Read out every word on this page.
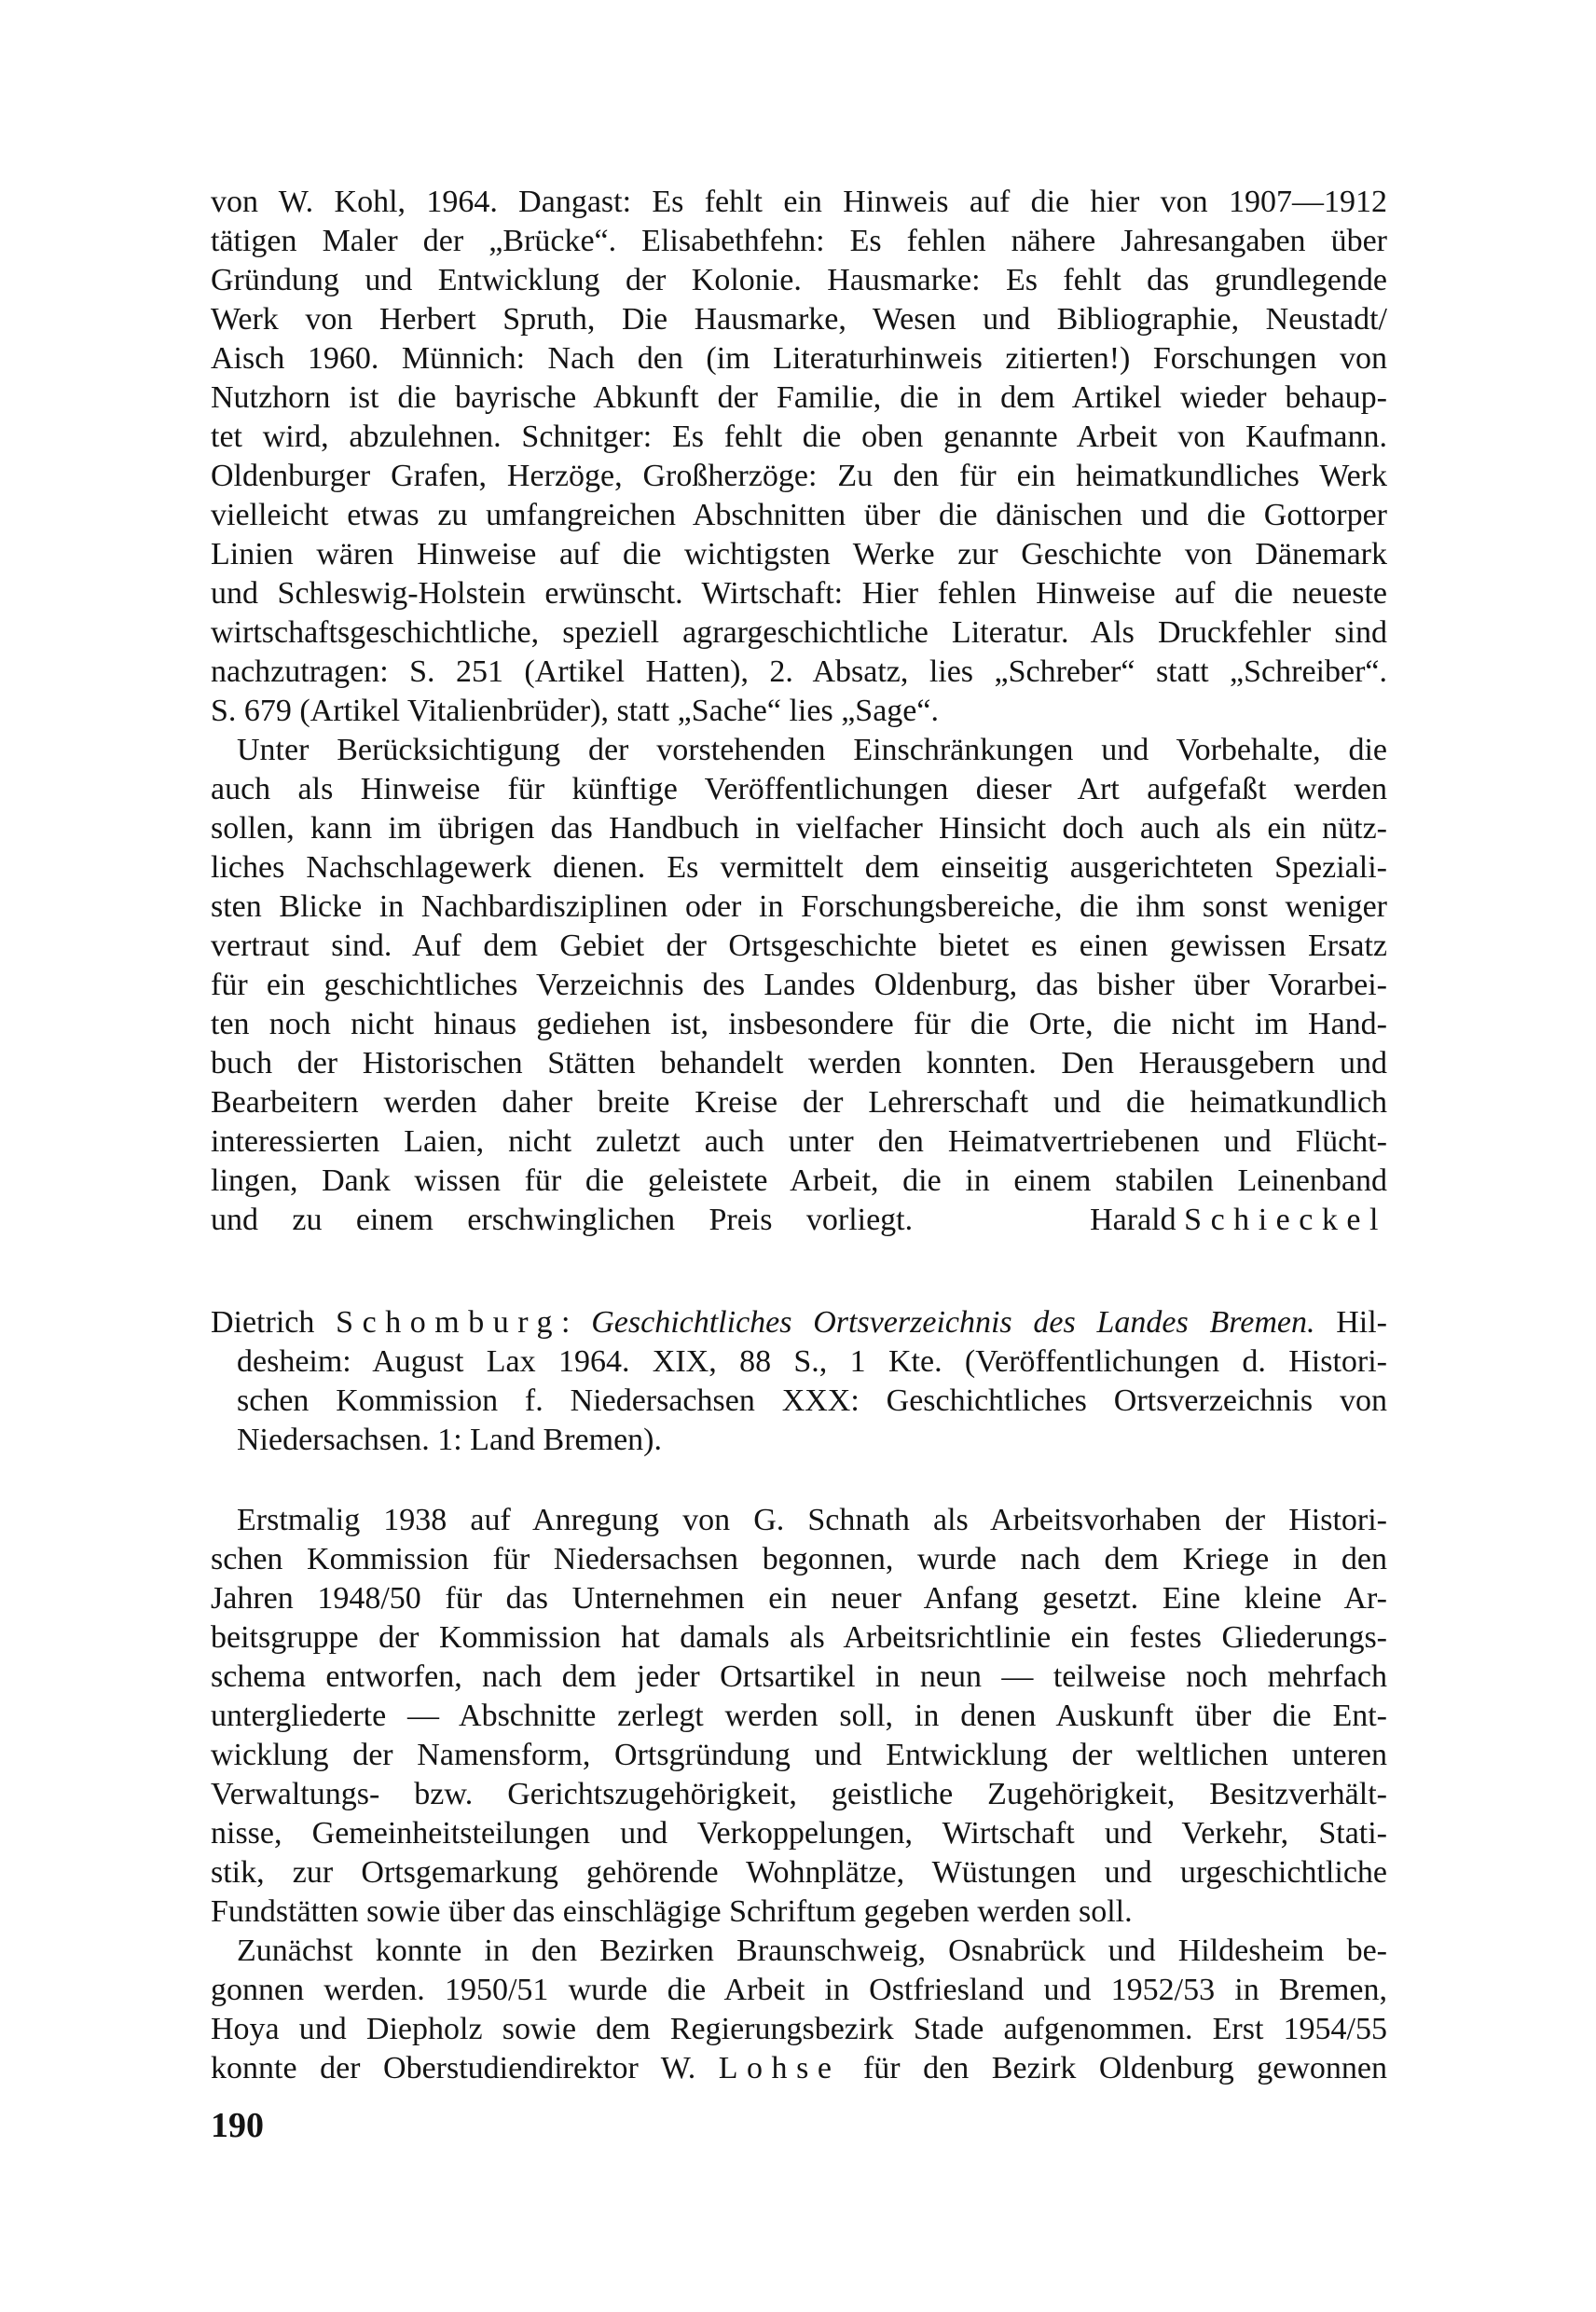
von W. Kohl, 1964. Dangast: Es fehlt ein Hinweis auf die hier von 1907—1912
tätigen Maler der „Brücke“. Elisabethfehn: Es fehlen nähere Jahresangaben über
Gründung und Entwicklung der Kolonie. Hausmarke: Es fehlt das grundlegende
Werk von Herbert Spruth, Die Hausmarke, Wesen und Bibliographie, Neustadt/
Aisch 1960. Münnich: Nach den (im Literaturhinweis zitierten!) Forschungen von
Nutzhorn ist die bayrische Abkunft der Familie, die in dem Artikel wieder behaup-
tet wird, abzulehnen. Schnitger: Es fehlt die oben genannte Arbeit von Kaufmann.
Oldenburger Grafen, Herzöge, Großherzöge: Zu den für ein heimatkundliches Werk
vielleicht etwas zu umfangreichen Abschnitten über die dänischen und die Gottorper
Linien wären Hinweise auf die wichtigsten Werke zur Geschichte von Dänemark
und Schleswig-Holstein erwünscht. Wirtschaft: Hier fehlen Hinweise auf die neueste
wirtschaftsgeschichtliche, speziell agrargeschichtliche Literatur. Als Druckfehler sind
nachzutragen: S. 251 (Artikel Hatten), 2. Absatz, lies „Schreber“ statt „Schreiber“.
S. 679 (Artikel Vitalienbrüder), statt „Sache“ lies „Sage“.
Unter Berücksichtigung der vorstehenden Einschränkungen und Vorbehalte, die
auch als Hinweise für künftige Veröffentlichungen dieser Art aufgefaßt werden
sollen, kann im übrigen das Handbuch in vielfacher Hinsicht doch auch als ein nütz-
liches Nachschlagewerk dienen. Es vermittelt dem einseitig ausgerichteten Speziali-
sten Blicke in Nachbardisziplinen oder in Forschungsbereiche, die ihm sonst weniger
vertraut sind. Auf dem Gebiet der Ortsgeschichte bietet es einen gewissen Ersatz
für ein geschichtliches Verzeichnis des Landes Oldenburg, das bisher über Vorarbei-
ten noch nicht hinaus gediehen ist, insbesondere für die Orte, die nicht im Hand-
buch der Historischen Stätten behandelt werden konnten. Den Herausgebern und
Bearbeitern werden daher breite Kreise der Lehrerschaft und die heimatkundlich
interessierten Laien, nicht zuletzt auch unter den Heimatvertriebenen und Flücht-
lingen, Dank wissen für die geleistete Arbeit, die in einem stabilen Leinenband
und zu einem erschwinglichen Preis vorliegt.	Harald Schieckel
Dietrich Schomburg: Geschichtliches Ortsverzeichnis des Landes Bremen. Hil-
desheim: August Lax 1964. XIX, 88 S., 1 Kte. (Veröffentlichungen d. Histori-
schen Kommission f. Niedersachsen XXX: Geschichtliches Ortsverzeichnis von
Niedersachsen. 1: Land Bremen).
Erstmalig 1938 auf Anregung von G. Schnath als Arbeitsvorhaben der Histori-
schen Kommission für Niedersachsen begonnen, wurde nach dem Kriege in den
Jahren 1948/50 für das Unternehmen ein neuer Anfang gesetzt. Eine kleine Ar-
beitsgruppe der Kommission hat damals als Arbeitsrichtlinie ein festes Gliederungs-
schema entworfen, nach dem jeder Ortsartikel in neun — teilweise noch mehrfach
untergliederte — Abschnitte zerlegt werden soll, in denen Auskunft über die Ent-
wicklung der Namensform, Ortsgründung und Entwicklung der weltlichen unteren
Verwaltungs- bzw. Gerichtszugehörigkeit, geistliche Zugehörigkeit, Besitzverhält-
nisse, Gemeinheitsteilungen und Verkoppelungen, Wirtschaft und Verkehr, Stati-
stik, zur Ortsgemarkung gehörende Wohnplätze, Wüstungen und urgeschichtliche
Fundstätten sowie über das einschlägige Schriftum gegeben werden soll.
Zunächst konnte in den Bezirken Braunschweig, Osnabrück und Hildesheim be-
gonnen werden. 1950/51 wurde die Arbeit in Ostfriesland und 1952/53 in Bremen,
Hoya und Diepholz sowie dem Regierungsbezirk Stade aufgenommen. Erst 1954/55
konnte der Oberstudiendirektor W. Lohse für den Bezirk Oldenburg gewonnen
190
